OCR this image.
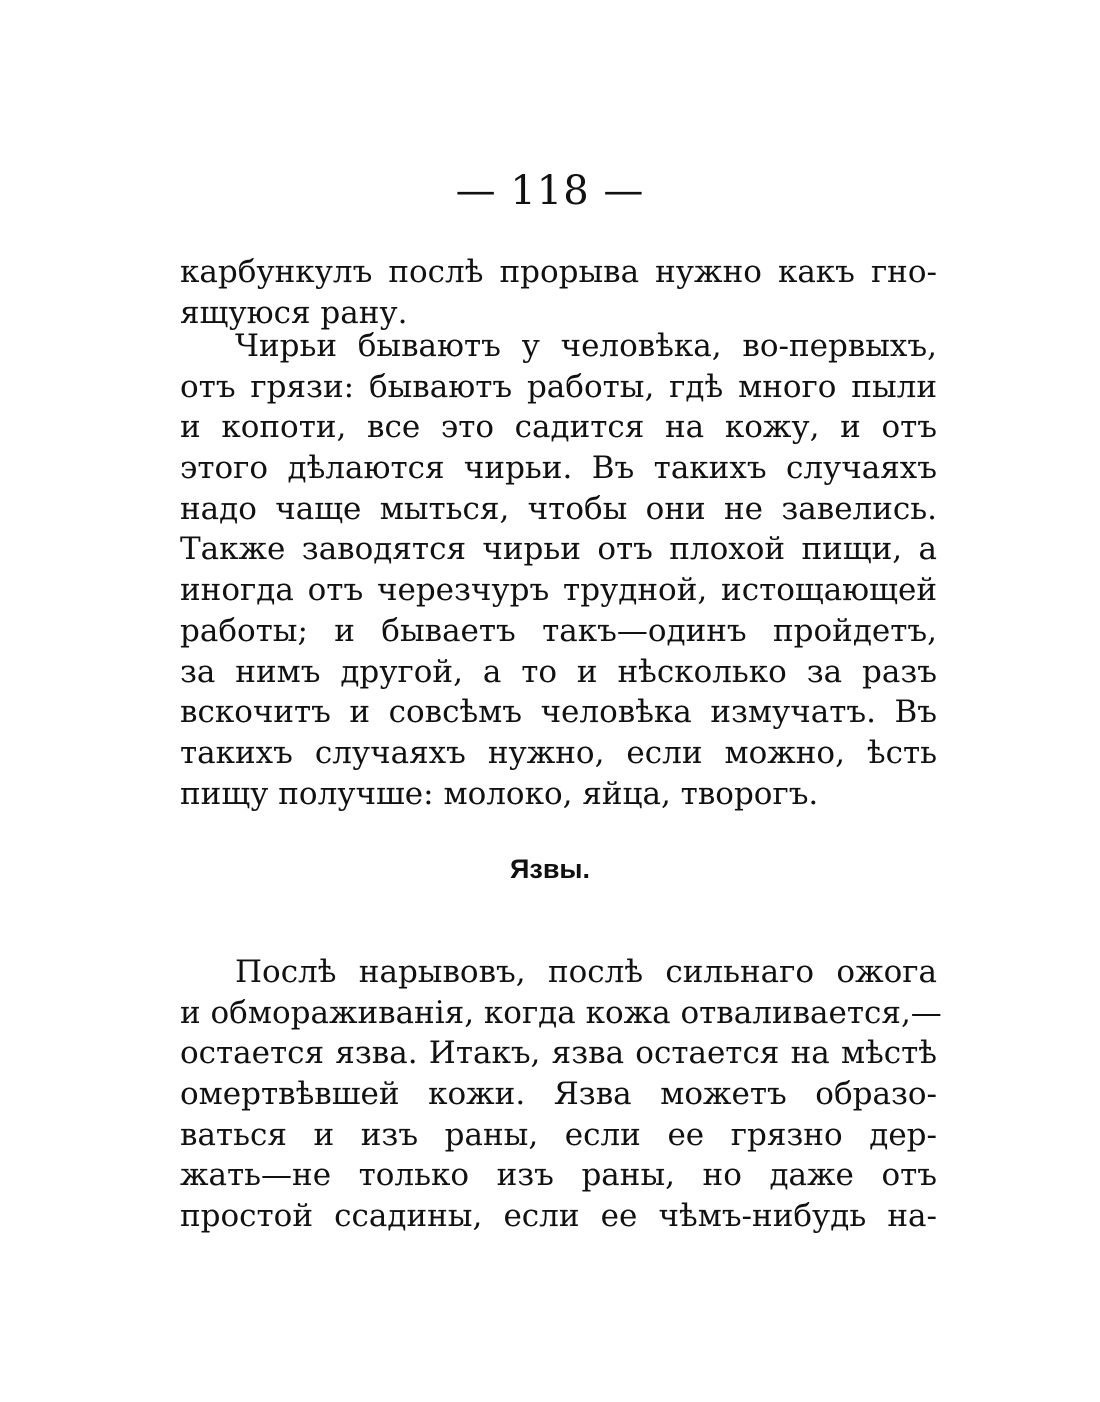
— 118 —
карбункулъ послѣ прорыва нужно какъ гно-
ящуюся рану.
Чирьи бываютъ у человѣка, во-первыхъ,
отъ грязи: бываютъ работы, гдѣ много пыли
и копоти, все это садится на кожу, и отъ
этого дѣлаются чирьи. Въ такихъ случаяхъ
надо чаще мыться, чтобы они не завелись.
Также заводятся чирьи отъ плохой пищи, а
иногда отъ черезчуръ трудной, истощающей
работы; и бываетъ такъ—одинъ пройдетъ,
за нимъ другой, а то и нѣсколько за разъ
вскочитъ и совсѣмъ человѣка измучатъ. Въ
такихъ случаяхъ нужно, если можно, ѣсть
пищу получше: молоко, яйца, творогъ.
Язвы.
Послѣ нарывовъ, послѣ сильнаго ожога
и обмораживанія, когда кожа отваливается,—
остается язва. Итакъ, язва остается на мѣстѣ
омертвѣвшей кожи. Язва можетъ образо-
ваться и изъ раны, если ее грязно дер-
жать—не только изъ раны, но даже отъ
простой ссадины, если ее чѣмъ-нибудь на-
